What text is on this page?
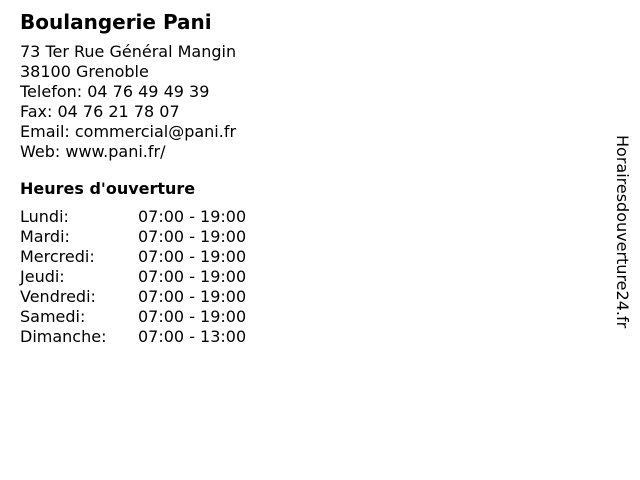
Boulangerie Pani
73 Ter Rue Général Mangin
38100 Grenoble
Telefon: 04 76 49 49 39
Fax: 04 76 21 78 07
Email: commercial@pani.fr
Web: www.pani.fr/
Heures d'ouverture
Lundi:	07:00 - 19:00
Mardi:	07:00 - 19:00
Mercredi:	07:00 - 19:00
Jeudi:	07:00 - 19:00
Vendredi:	07:00 - 19:00
Samedi:	07:00 - 19:00
Dimanche:	07:00 - 13:00
Horairesdouverture24.fr
